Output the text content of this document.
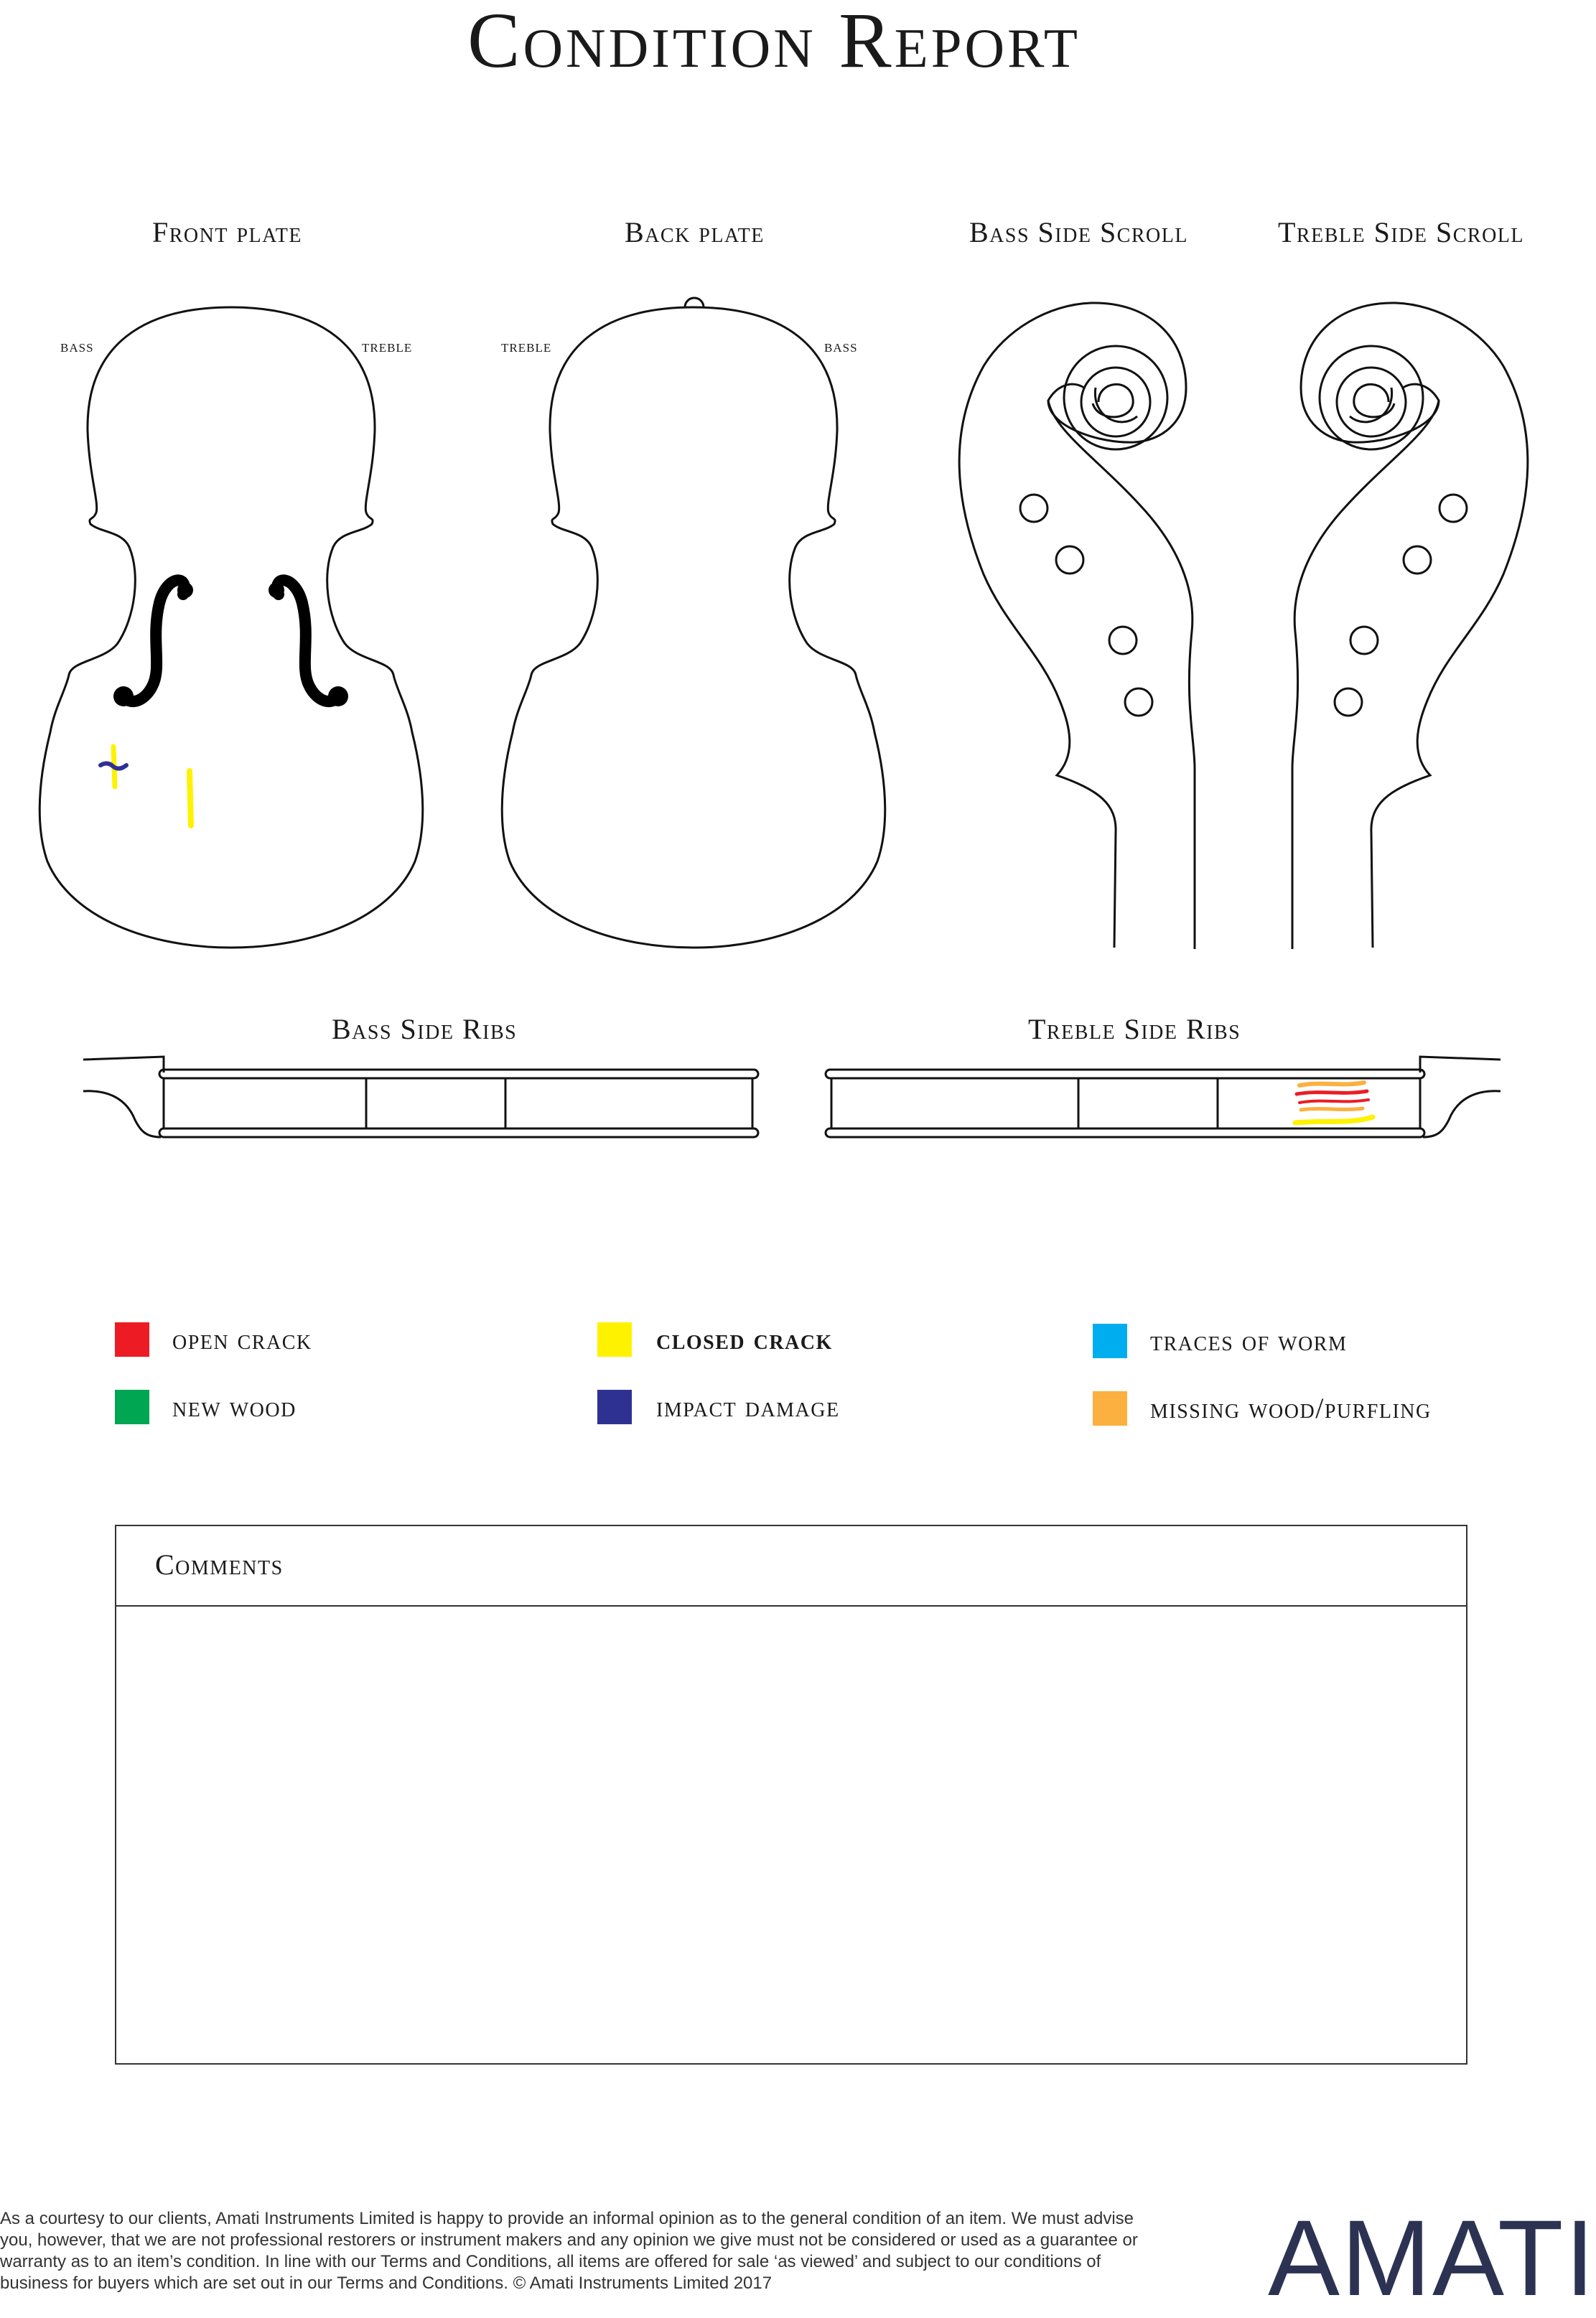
Condition Report
Front plate	Back plate	Bass Side Scroll	Treble Side Scroll
Bass Side Ribs	Treble Side Ribs
bass	treble	treble	bass
open crack	closed crack	traces of worm
new wood	impact damage	missing wood/purfling
Comments
As a courtesy to our clients, Amati Instruments Limited is happy to provide an informal opinion as to the general condition of an item. We must advise you, however, that we are not professional restorers or instrument makers and any opinion we give must not be considered or used as a guarantee or warranty as to an item’s condition. In line with our Terms and Conditions, all items are offered for sale ‘as viewed’ and subject to our conditions of business for buyers which are set out in our Terms and Conditions. © Amati Instruments Limited 2017	AMATI
